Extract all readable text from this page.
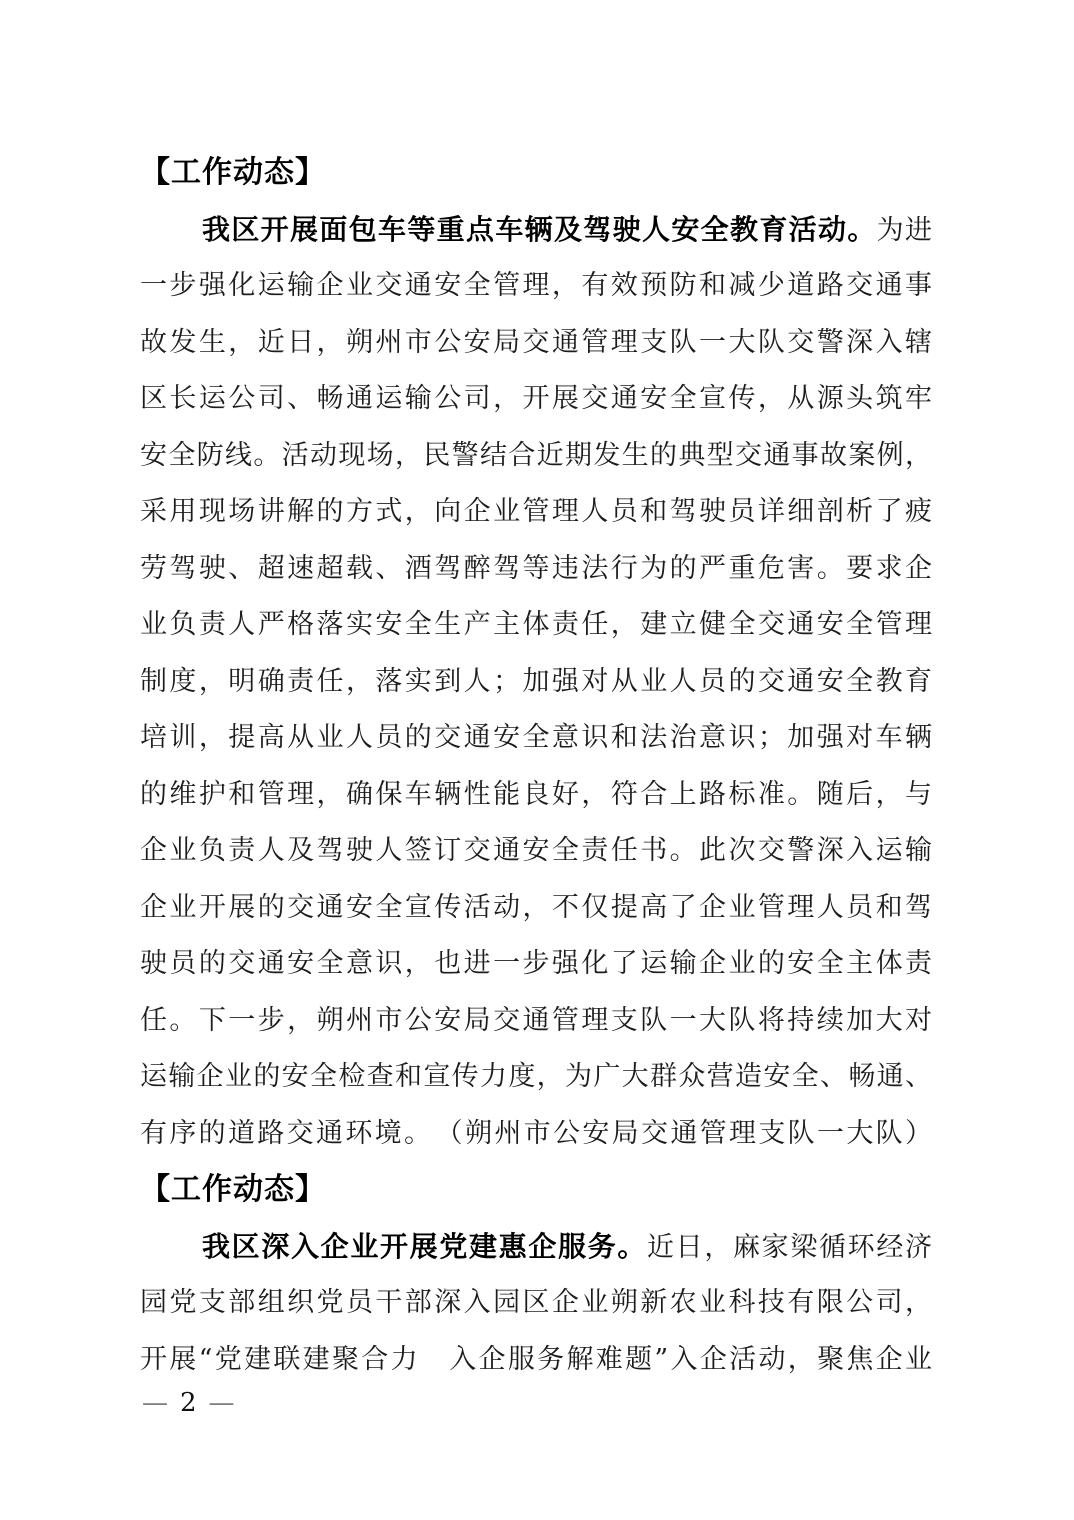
【工作动态】
我区开展面包车等重点车辆及驾驶人安全教育活动。为进
一步强化运输企业交通安全管理，有效预防和减少道路交通事
故发生，近日，朔州市公安局交通管理支队一大队交警深入辖
区长运公司、畅通运输公司，开展交通安全宣传，从源头筑牢
安全防线。活动现场，民警结合近期发生的典型交通事故案例，
采用现场讲解的方式，向企业管理人员和驾驶员详细剖析了疲
劳驾驶、超速超载、酒驾醉驾等违法行为的严重危害。要求企
业负责人严格落实安全生产主体责任，建立健全交通安全管理
制度，明确责任，落实到人；加强对从业人员的交通安全教育
培训，提高从业人员的交通安全意识和法治意识；加强对车辆
的维护和管理，确保车辆性能良好，符合上路标准。随后，与
企业负责人及驾驶人签订交通安全责任书。此次交警深入运输
企业开展的交通安全宣传活动，不仅提高了企业管理人员和驾
驶员的交通安全意识，也进一步强化了运输企业的安全主体责
任。下一步，朔州市公安局交通管理支队一大队将持续加大对
运输企业的安全检查和宣传力度，为广大群众营造安全、畅通、
有序的道路交通环境。　（朔州市公安局交通管理支队一大队）
【工作动态】
我区深入企业开展党建惠企服务。近日，麻家梁循环经济
园党支部组织党员干部深入园区企业朔新农业科技有限公司，
开展“党建联建聚合力　入企服务解难题”入企活动，聚焦企业
— 2 —
